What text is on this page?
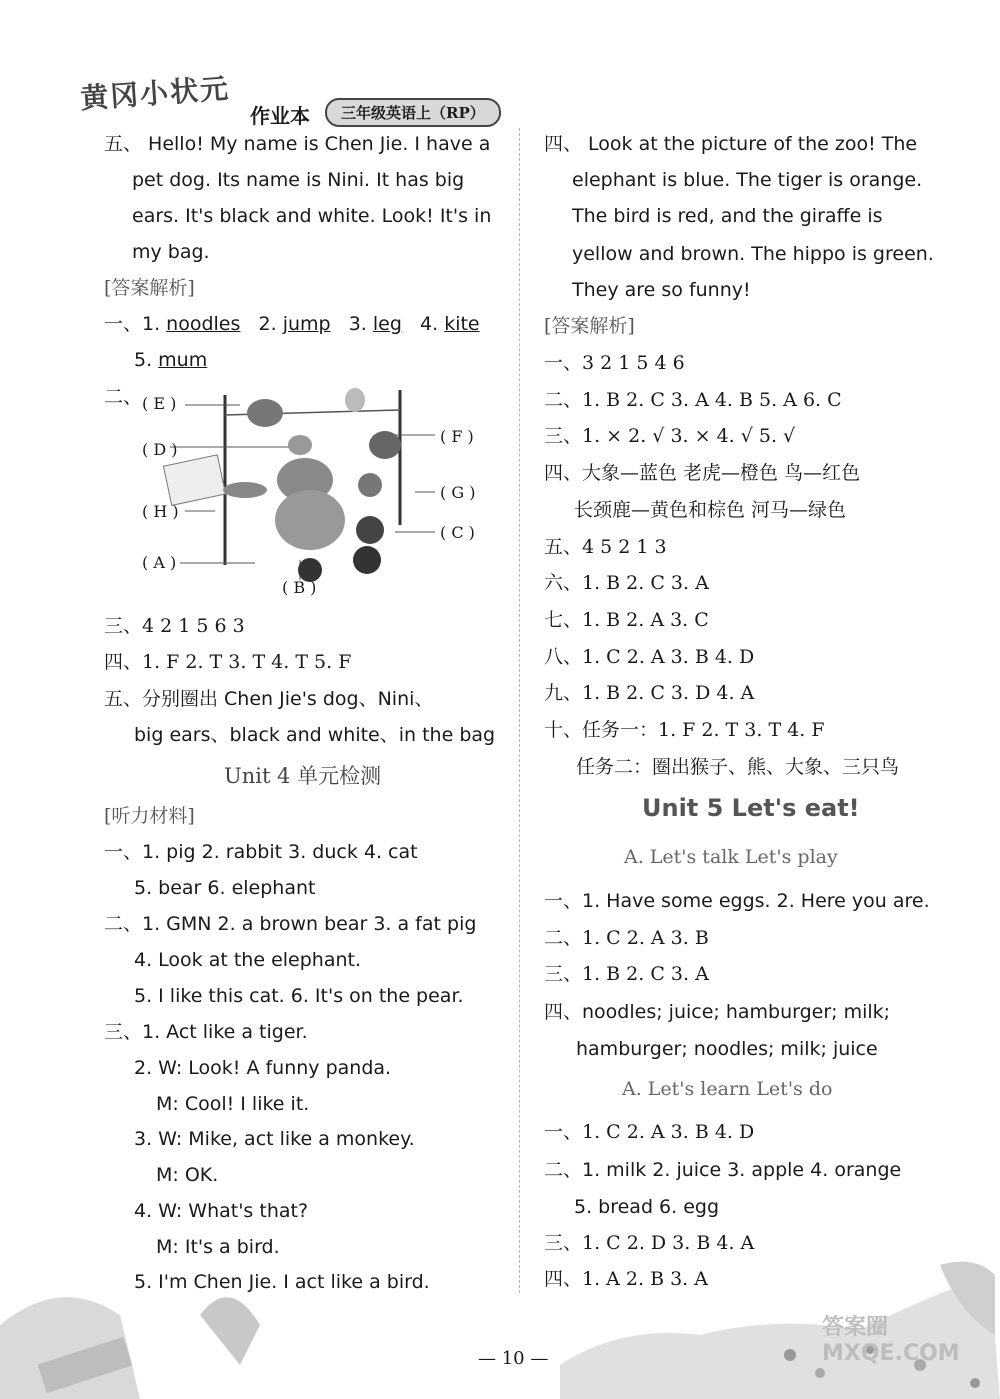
黄冈小状元
作业本	三年级英语上（RP）
五、 Hello! My name is Chen Jie. I have a
pet dog. Its name is Nini. It has big
ears. It's black and white. Look! It's in
my bag.
[答案解析]
一、1. noodles   2. jump   3. leg   4. kite
5. mum
二、 ( E )
( D )
( H )
( A )
( B )
( F )
( G )
( C )
三、4 2 1 5 6 3
四、1. F 2. T 3. T 4. T 5. F
五、分别圈出 Chen Jie's dog、Nini、
big ears、black and white、in the bag
Unit 4 单元检测
[听力材料]
一、1. pig 2. rabbit 3. duck 4. cat
5. bear 6. elephant
二、1. GMN 2. a brown bear 3. a fat pig
4. Look at the elephant.
5. I like this cat. 6. It's on the pear.
三、1. Act like a tiger.
2. W: Look! A funny panda.
M: Cool! I like it.
3. W: Mike, act like a monkey.
M: OK.
4. W: What's that?
M: It's a bird.
5. I'm Chen Jie. I act like a bird.
四、 Look at the picture of the zoo! The
elephant is blue. The tiger is orange.
The bird is red, and the giraffe is
yellow and brown. The hippo is green.
They are so funny!
[答案解析]
一、3 2 1 5 4 6
二、1. B 2. C 3. A 4. B 5. A 6. C
三、1. × 2. √ 3. × 4. √ 5. √
四、大象—蓝色 老虎—橙色 鸟—红色
长颈鹿—黄色和棕色 河马—绿色
五、4 5 2 1 3
六、1. B 2. C 3. A
七、1. B 2. A 3. C
八、1. C 2. A 3. B 4. D
九、1. B 2. C 3. D 4. A
十、任务一：1. F 2. T 3. T 4. F
任务二：圈出猴子、熊、大象、三只鸟
Unit 5 Let's eat!
A. Let's talk Let's play
一、1. Have some eggs. 2. Here you are.
二、1. C 2. A 3. B
三、1. B 2. C 3. A
四、noodles; juice; hamburger; milk;
hamburger; noodles; milk; juice
A. Let's learn Let's do
一、1. C 2. A 3. B 4. D
二、1. milk 2. juice 3. apple 4. orange
5. bread 6. egg
三、1. C 2. D 3. B 4. A
四、1. A 2. B 3. A
答案圈 MXQE.COM
— 10 —
